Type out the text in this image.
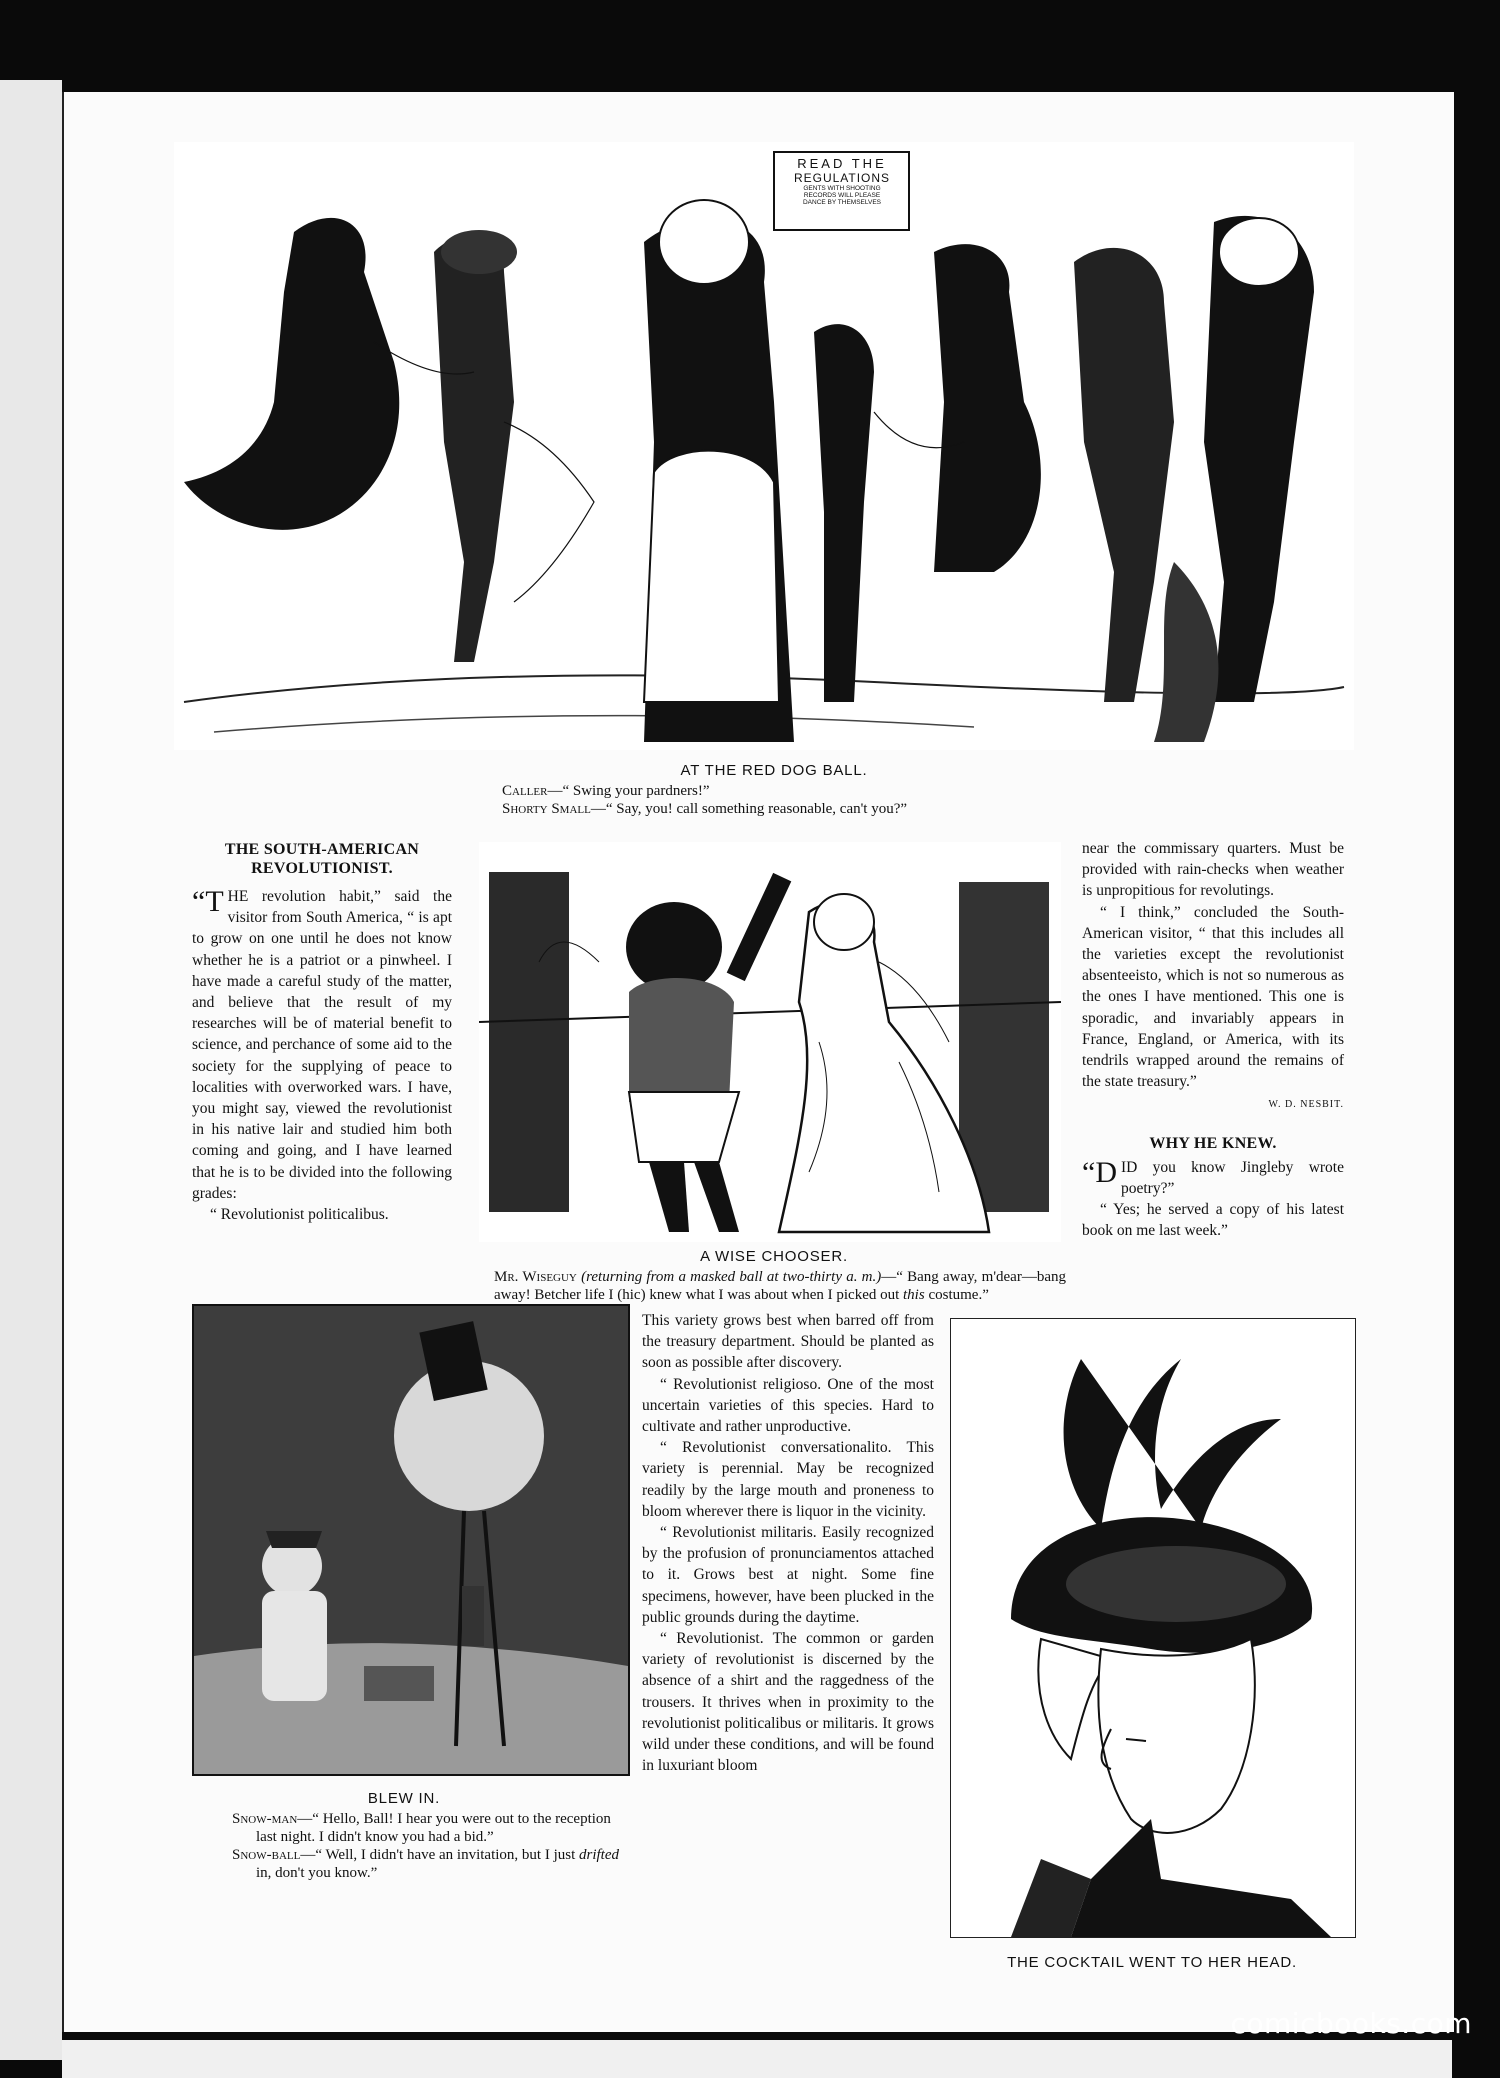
READ THE
REGULATIONS
GENTS WITH SHOOTING
RECORDS WILL PLEASE
DANCE BY THEMSELVES
AT THE RED DOG BALL.
Caller—“ Swing your pardners!”
Shorty Small—“ Say, you! call something reasonable, can't you?”
THE SOUTH-AMERICAN
REVOLUTIONIST.

“THE revolution habit,” said the visitor from South America, “ is apt to grow on one until he does not know whether he is a patriot or a pinwheel. I have made a careful study of the matter, and believe that the result of my researches will be of material benefit to science, and perchance of some aid to the society for the supplying of peace to localities with overworked wars. I have, you might say, viewed the revolutionist in his native lair and studied him both coming and going, and I have learned that he is to be divided into the following grades:

“ Revolutionist politicalibus.

A WISE CHOOSER.
Mr. Wiseguy (returning from a masked ball at two-thirty a. m.)—“ Bang away, m'dear—bang away! Betcher life I (hic) knew what I was about when I picked out this costume.”

near the commissary quarters. Must be provided with rain-checks when weather is unpropitious for revolutings.

“ I think,” concluded the South-American visitor, “ that this includes all the varieties except the revolutionist absenteeisto, which is not so numerous as the ones I have mentioned. This one is sporadic, and invariably appears in France, England, or America, with its tendrils wrapped around the remains of the state treasury.”

W. D. NESBIT.
WHY HE KNEW.

“DID you know Jingleby wrote poetry?”

“ Yes; he served a copy of his latest book on me last week.”

BLEW IN.
Snow-man—“ Hello, Ball! I hear you were out to the reception last night. I didn't know you had a bid.”
Snow-ball—“ Well, I didn't have an invitation, but I just drifted in, don't you know.”

This variety grows best when barred off from the treasury department. Should be planted as soon as possible after discovery.

“ Revolutionist religioso. One of the most uncertain varieties of this species. Hard to cultivate and rather unproductive.

“ Revolutionist conversationalito. This variety is perennial. May be recognized readily by the large mouth and proneness to bloom wherever there is liquor in the vicinity.

“ Revolutionist militaris. Easily recognized by the profusion of pronunciamentos attached to it. Grows best at night. Some fine specimens, however, have been plucked in the public grounds during the daytime.

“ Revolutionist. The common or garden variety of revolutionist is discerned by the absence of a shirt and the raggedness of the trousers. It thrives when in proximity to the revolutionist politicalibus or militaris. It grows wild under these conditions, and will be found in luxuriant bloom

THE COCKTAIL WENT TO HER HEAD.
comicbooks.com
